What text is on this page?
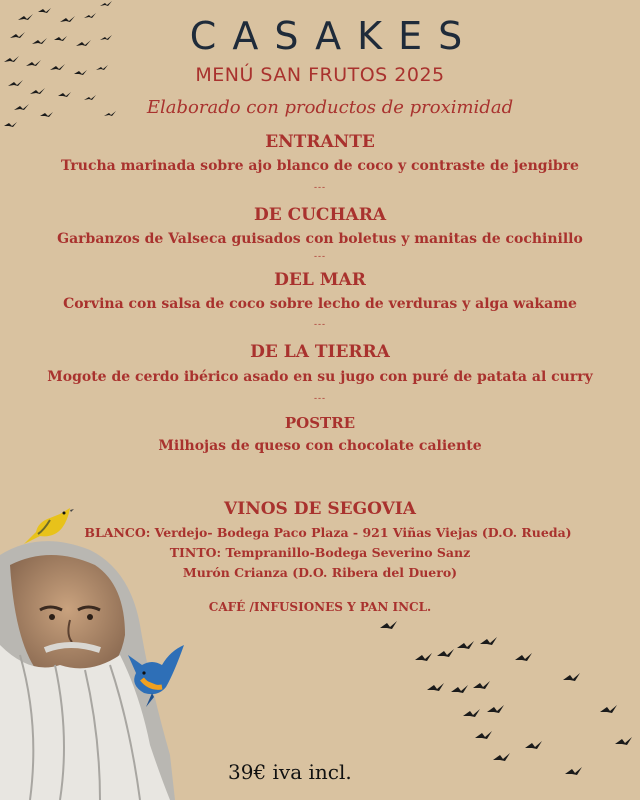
CASAKES
MENÚ SAN FRUTOS 2025
Elaborado con productos de proximidad
ENTRANTE
Trucha marinada sobre ajo blanco de coco y contraste de jengibre
---
DE CUCHARA
Garbanzos de Valseca guisados con boletus y manitas de cochinillo
---
DEL MAR
Corvina con salsa de coco sobre lecho de verduras y alga wakame
---
DE LA TIERRA
Mogote de cerdo ibérico asado en su jugo con puré de patata al curry
---
POSTRE
Milhojas de queso con chocolate caliente
VINOS DE SEGOVIA
BLANCO: Verdejo- Bodega Paco Plaza - 921 Viñas Viejas (D.O. Rueda)
TINTO: Tempranillo-Bodega Severino Sanz
Murón Crianza (D.O. Ribera del Duero)
CAFÉ /INFUSIONES Y PAN INCL.
39€ iva incl.
